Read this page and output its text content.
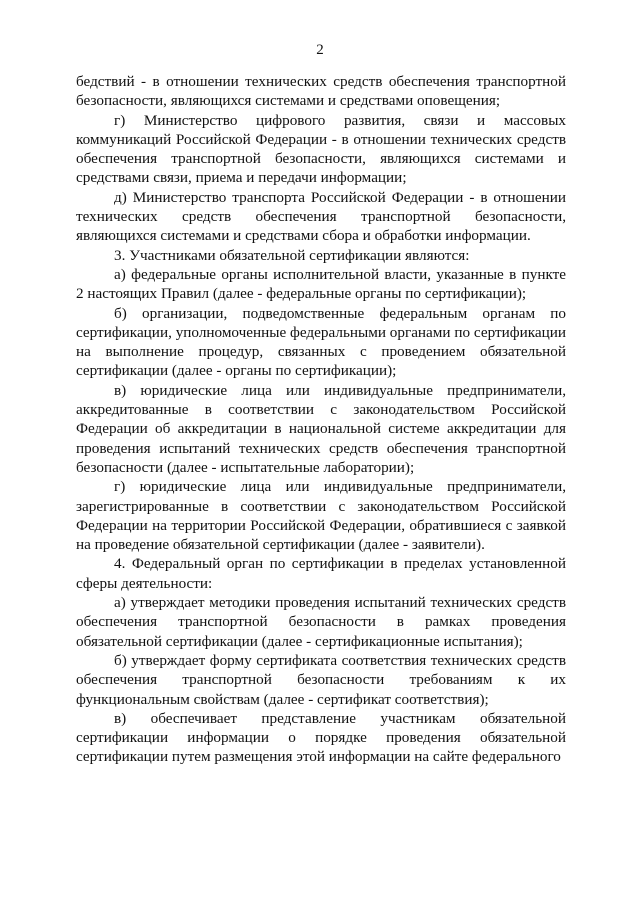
2

бедствий - в отношении технических средств обеспечения транспортной безопасности, являющихся системами и средствами оповещения;

г) Министерство цифрового развития, связи и массовых коммуникаций Российской Федерации - в отношении технических средств обеспечения транспортной безопасности, являющихся системами и средствами связи, приема и передачи информации;

д) Министерство транспорта Российской Федерации - в отношении технических средств обеспечения транспортной безопасности, являющихся системами и средствами сбора и обработки информации.

3. Участниками обязательной сертификации являются:

а) федеральные органы исполнительной власти, указанные в пункте 2 настоящих Правил (далее - федеральные органы по сертификации);

б) организации, подведомственные федеральным органам по сертификации, уполномоченные федеральными органами по сертификации на выполнение процедур, связанных с проведением обязательной сертификации (далее - органы по сертификации);

в) юридические лица или индивидуальные предприниматели, аккредитованные в соответствии с законодательством Российской Федерации об аккредитации в национальной системе аккредитации для проведения испытаний технических средств обеспечения транспортной безопасности (далее - испытательные лаборатории);

г) юридические лица или индивидуальные предприниматели, зарегистрированные в соответствии с законодательством Российской Федерации на территории Российской Федерации, обратившиеся с заявкой на проведение обязательной сертификации (далее - заявители).

4. Федеральный орган по сертификации в пределах установленной сферы деятельности:

а) утверждает методики проведения испытаний технических средств обеспечения транспортной безопасности в рамках проведения обязательной сертификации (далее - сертификационные испытания);

б) утверждает форму сертификата соответствия технических средств обеспечения транспортной безопасности требованиям к их функциональным свойствам (далее - сертификат соответствия);

в) обеспечивает представление участникам обязательной сертификации информации о порядке проведения обязательной сертификации путем размещения этой информации на сайте федерального
